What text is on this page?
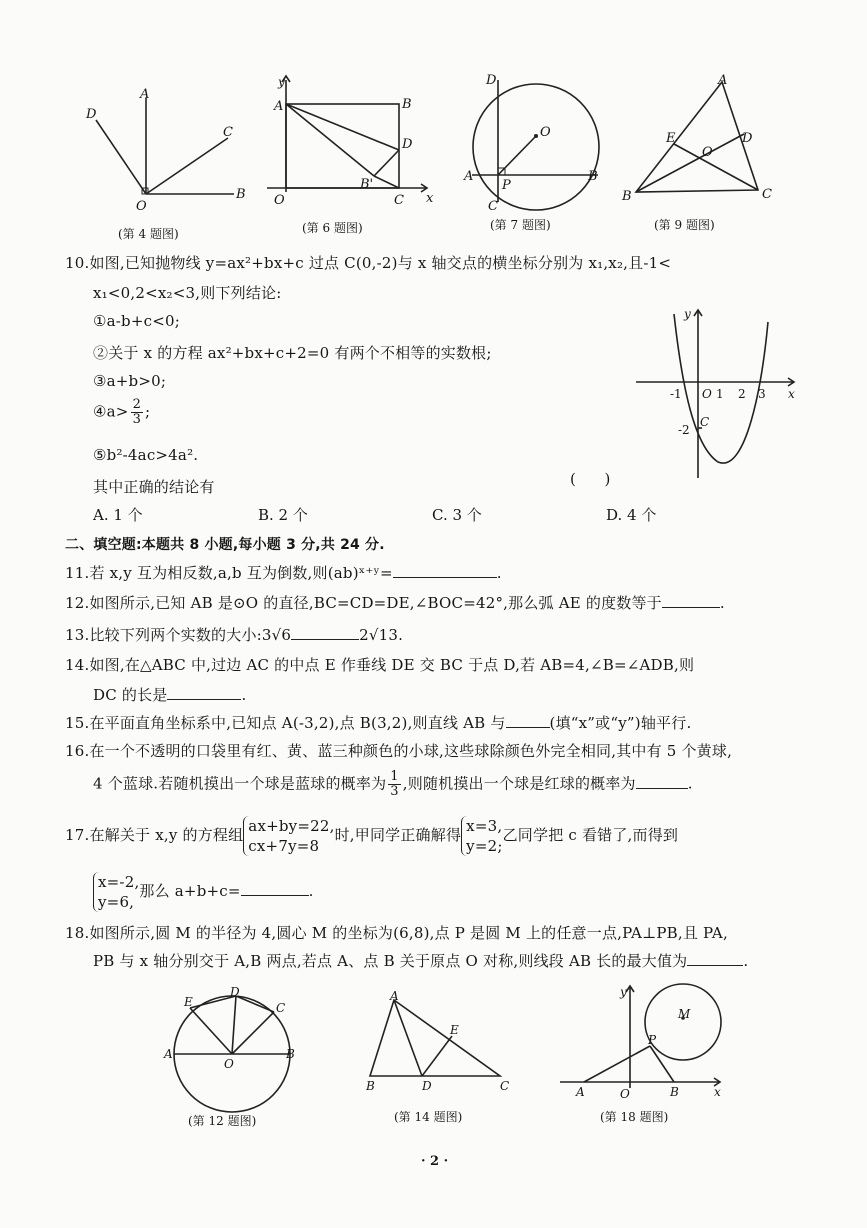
A
D
C
B
O
(第 4 题图)
y
A	B
D
B'
C
O	x
(第 6 题图)
D
O
A
P
B
C
(第 7 题图)
A
E
O
D
B	C
(第 9 题图)
10.如图,已知抛物线 y=ax²+bx+c 过点 C(0,-2)与 x 轴交点的横坐标分别为 x₁,x₂,且-1<
x₁<0,2<x₂<3,则下列结论:
①a-b+c<0;
②关于 x 的方程 ax²+bx+c+2=0 有两个不相等的实数根;
③a+b>0;
④a> $\frac{2}{3}$ ;
⑤b²-4ac>4a².
其中正确的结论有	(      )
A. 1 个	B. 2 个	C. 3 个	D. 4 个
y
x
-1 O 1 2 3
-2
C
二、填空题:本题共 8 小题,每小题 3 分,共 24 分.
11.若 x,y 互为相反数,a,b 互为倒数,则(ab)ˣ⁺ʸ=	.
12.如图所示,已知 AB 是⊙O 的直径,BC=CD=DE,∠BOC=42°,那么弧 AE 的度数等于	.
13.比较下列两个实数的大小:3√6	2√13.
14.如图,在△ABC 中,过边 AC 的中点 E 作垂线 DE 交 BC 于点 D,若 AB=4,∠B=∠ADB,则
DC 的长是	.
15.在平面直角坐标系中,已知点 A(-3,2),点 B(3,2),则直线 AB 与	(填“x”或“y”)轴平行.
16.在一个不透明的口袋里有红、黄、蓝三种颜色的小球,这些球除颜色外完全相同,其中有 5 个黄球,
4 个蓝球.若随机摸出一个球是蓝球的概率为 $\frac{1}{3}$ ,则随机摸出一个球是红球的概率为	.
17.在解关于 x,y 的方程组 ax+by=22,
cx+7y=8
时,甲同学正确解得 x=3,
y=2;
乙同学把 c 看错了,而得到
x=-2,
y=6,
那么 a+b+c=	.
18.如图所示,圆 M 的半径为 4,圆心 M 的坐标为(6,8),点 P 是圆 M 上的任意一点,PA⊥PB,且 PA,
PB 与 x 轴分别交于 A,B 两点,若点 A、点 B 关于原点 O 对称,则线段 AB 长的最大值为	.
E
D
C
A
O
B
(第 12 题图)
A
E
B	D	C
(第 14 题图)
y
M
P
A	O	B	x
(第 18 题图)
· 2 ·
